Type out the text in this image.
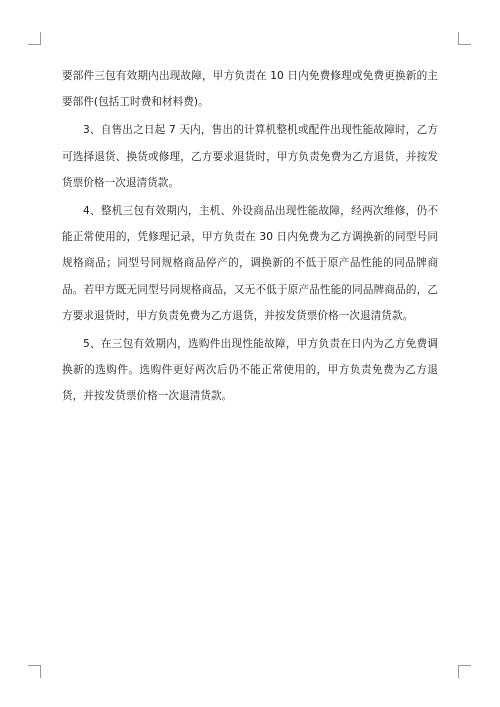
要部件三包有效期内出现故障，甲方负责在 10 日内免费修理或免费更换新的主要部件(包括工时费和材料费)。

3、自售出之日起 7 天内，售出的计算机整机或配件出现性能故障时，乙方可选择退货、换货或修理，乙方要求退货时，甲方负责免费为乙方退货，并按发货票价格一次退清货款。

4、整机三包有效期内，主机、外设商品出现性能故障，经两次维修，仍不能正常使用的，凭修理记录，甲方负责在 30 日内免费为乙方调换新的同型号同规格商品；同型号同规格商品停产的，调换新的不低于原产品性能的同品牌商品。若甲方既无同型号同规格商品，又无不低于原产品性能的同品牌商品的，乙方要求退货时，甲方负责免费为乙方退货，并按发货票价格一次退清货款。

5、在三包有效期内，选购件出现性能故障，甲方负责在日内为乙方免费调换新的选购件。选购件更好两次后仍不能正常使用的，甲方负责免费为乙方退货，并按发货票价格一次退清货款。
